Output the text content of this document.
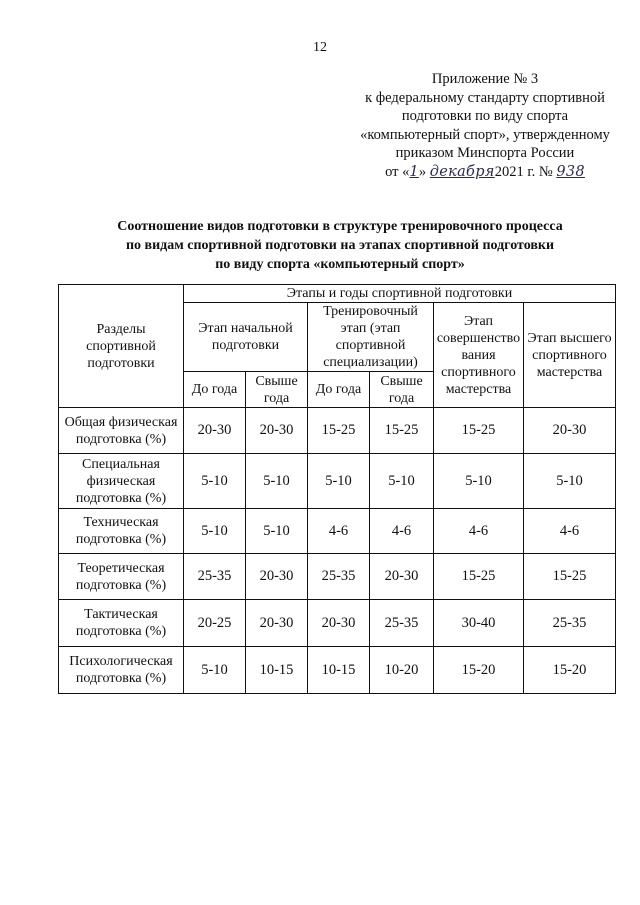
12
Приложение № 3
к федеральному стандарту спортивной
подготовки по виду спорта
«компьютерный спорт», утвержденному
приказом Минспорта России
от «1» декабря2021 г. № 938
Соотношение видов подготовки в структуре тренировочного процесса
по видам спортивной подготовки на этапах спортивной подготовки
по виду спорта «компьютерный спорт»
Разделы спортивной подготовки	Этапы и годы спортивной подготовки					
	Этап начальной подготовки		Тренировочный этап (этап спортивной специализации)		Этап совершенство вания спортивного мастерства	Этап высшего спортивного мастерства
	До года	Свыше года	До года	Свыше года		
Общая физическая подготовка (%)	20-30	20-30	15-25	15-25	15-25	20-30
Специальная физическая подготовка (%)	5-10	5-10	5-10	5-10	5-10	5-10
Техническая подготовка (%)	5-10	5-10	4-6	4-6	4-6	4-6
Теоретическая подготовка (%)	25-35	20-30	25-35	20-30	15-25	15-25
Тактическая подготовка (%)	20-25	20-30	20-30	25-35	30-40	25-35
Психологическая подготовка (%)	5-10	10-15	10-15	10-20	15-20	15-20
